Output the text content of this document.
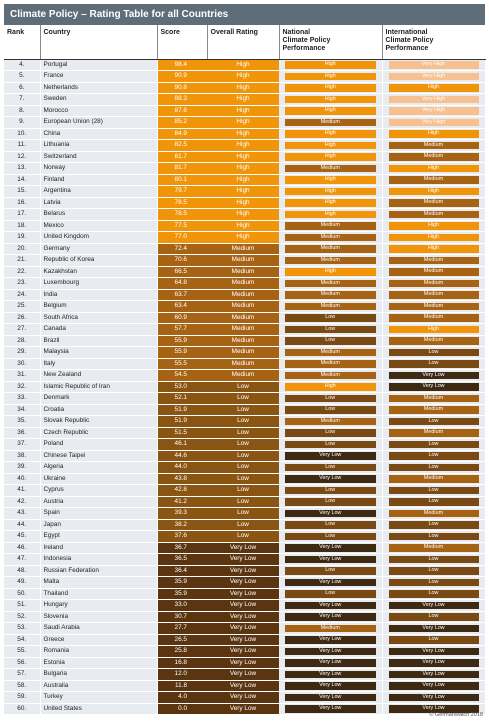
Climate Policy – Rating Table for all Countries
Rank	Country	Score	Overall Rating	National
Climate Policy
Performance	International
Climate Policy
Performance
4.	Portugal	98.4	High	High	Very High

5.	France	90.9	High	High	Very High

6.	Netherlands	90.8	High	High	High

7.	Sweden	88.3	High	High	Very High

8.	Morocco	87.6	High	High	Very High

9.	European Union (28)	85.2	High	Medium	Very High

10.	China	84.9	High	High	High

11.	Lithuania	82.5	High	High	Medium

12.	Switzerland	81.7	High	High	Medium

13.	Norway	81.7	High	Medium	High

14.	Finland	80.1	High	High	Medium

15.	Argentina	79.7	High	High	High

16.	Latvia	78.5	High	High	Medium

17.	Belarus	78.5	High	High	Medium

18.	Mexico	77.5	High	Medium	High

19.	United Kingdom	77.0	High	Medium	High

20.	Germany	72.4	Medium	Medium	High

21.	Republic of Korea	70.6	Medium	Medium	Medium

22.	Kazakhstan	66.5	Medium	High	Medium

23.	Luxembourg	64.8	Medium	Medium	Medium

24.	India	63.7	Medium	Medium	Medium

25.	Belgium	63.4	Medium	Medium	Medium

26.	South Africa	60.9	Medium	Low	Medium

27.	Canada	57.7	Medium	Low	High

28.	Brazil	55.9	Medium	Low	Medium

29.	Malaysia	55.9	Medium	Medium	Low

30.	Italy	55.5	Medium	Medium	Low

31.	New Zealand	54.5	Medium	Medium	Very Low

32.	Islamic Republic of Iran	53.0	Low	High	Very Low

33.	Denmark	52.1	Low	Low	Medium

34.	Croatia	51.9	Low	Low	Medium

35.	Slovak Republic	51.9	Low	Medium	Low

36.	Czech Republic	51.5	Low	Low	Medium

37.	Poland	46.1	Low	Low	Low

38.	Chinese Taipei	44.6	Low	Very Low	Low

39.	Algeria	44.0	Low	Low	Low

40.	Ukraine	43.8	Low	Very Low	Medium

41.	Cyprus	42.8	Low	Low	Low

42.	Austria	41.2	Low	Low	Low

43.	Spain	39.3	Low	Very Low	Medium

44.	Japan	38.2	Low	Low	Low

45.	Egypt	37.6	Low	Low	Low

46.	Ireland	36.7	Very Low	Very Low	Medium

47.	Indonesia	36.5	Very Low	Very Low	Low

48.	Russian Federation	36.4	Very Low	Low	Low

49.	Malta	35.9	Very Low	Very Low	Low

50.	Thailand	35.9	Very Low	Low	Low

51.	Hungary	33.0	Very Low	Very Low	Very Low

52.	Slovenia	30.7	Very Low	Very Low	Low

53.	Saudi Arabia	27.7	Very Low	Medium	Very Low

54.	Greece	26.5	Very Low	Very Low	Low

55.	Romania	25.8	Very Low	Very Low	Very Low

56.	Estonia	16.8	Very Low	Very Low	Very Low

57.	Bulgaria	12.0	Very Low	Very Low	Very Low

58.	Australia	11.8	Very Low	Very Low	Very Low

59.	Turkey	4.0	Very Low	Very Low	Very Low

60.	United States	0.0	Very Low	Very Low	Very Low
© Germanwatch 2018
